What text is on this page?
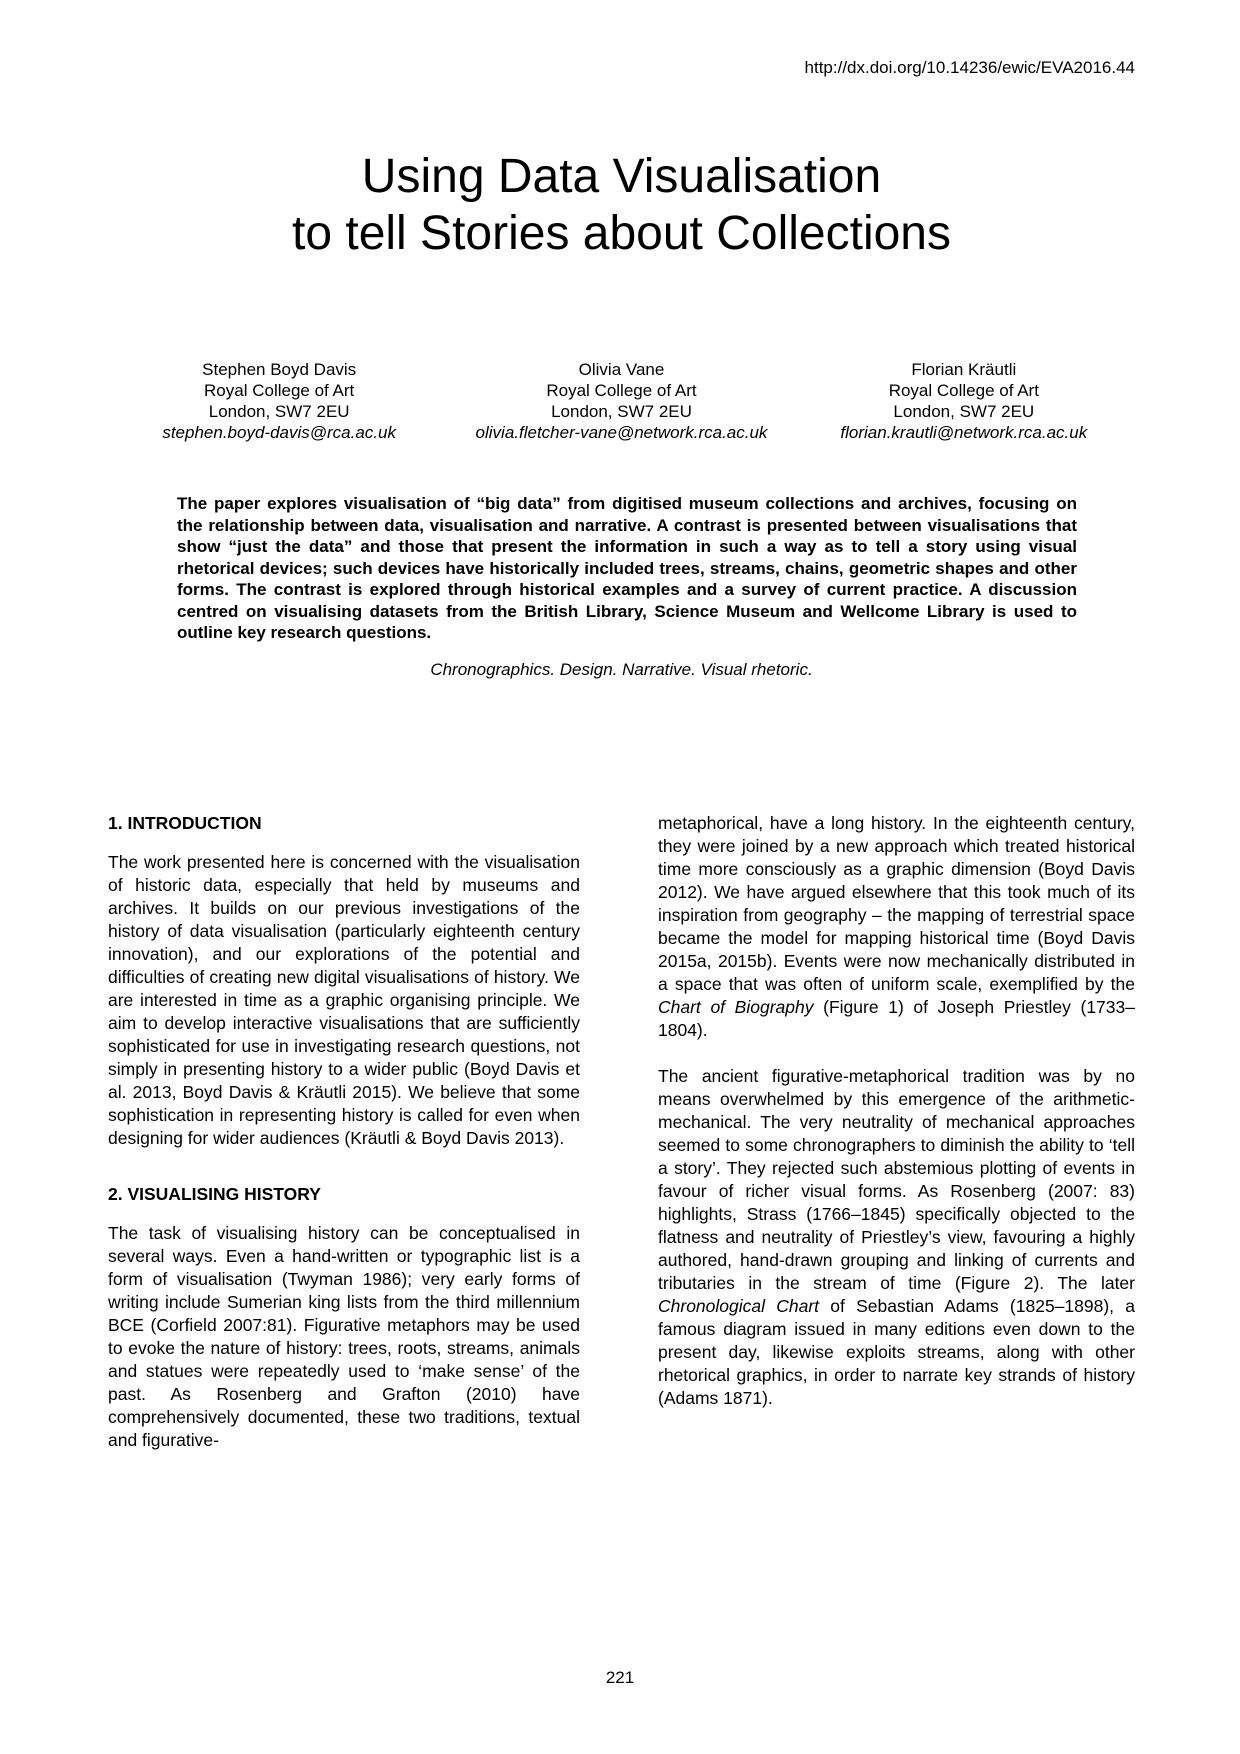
http://dx.doi.org/10.14236/ewic/EVA2016.44
Using Data Visualisation
to tell Stories about Collections
Stephen Boyd Davis
Royal College of Art
London, SW7 2EU
stephen.boyd-davis@rca.ac.uk
Olivia Vane
Royal College of Art
London, SW7 2EU
olivia.fletcher-vane@network.rca.ac.uk
Florian Kräutli
Royal College of Art
London, SW7 2EU
florian.krautli@network.rca.ac.uk

The paper explores visualisation of “big data” from digitised museum collections and archives, focusing on the relationship between data, visualisation and narrative. A contrast is presented between visualisations that show “just the data” and those that present the information in such a way as to tell a story using visual rhetorical devices; such devices have historically included trees, streams, chains, geometric shapes and other forms. The contrast is explored through historical examples and a survey of current practice. A discussion centred on visualising datasets from the British Library, Science Museum and Wellcome Library is used to outline key research questions.

Chronographics. Design. Narrative. Visual rhetoric.

1. INTRODUCTION

The work presented here is concerned with the visualisation of historic data, especially that held by museums and archives. It builds on our previous investigations of the history of data visualisation (particularly eighteenth century innovation), and our explorations of the potential and difficulties of creating new digital visualisations of history. We are interested in time as a graphic organising principle. We aim to develop interactive visualisations that are sufficiently sophisticated for use in investigating research questions, not simply in presenting history to a wider public (Boyd Davis et al. 2013, Boyd Davis & Kräutli 2015). We believe that some sophistication in representing history is called for even when designing for wider audiences (Kräutli & Boyd Davis 2013).

2. VISUALISING HISTORY

The task of visualising history can be conceptualised in several ways. Even a hand-written or typographic list is a form of visualisation (Twyman 1986); very early forms of writing include Sumerian king lists from the third millennium BCE (Corfield 2007:81). Figurative metaphors may be used to evoke the nature of history: trees, roots, streams, animals and statues were repeatedly used to ‘make sense’ of the past. As Rosenberg and Grafton (2010) have comprehensively documented, these two traditions, textual and figurative-

metaphorical, have a long history. In the eighteenth century, they were joined by a new approach which treated historical time more consciously as a graphic dimension (Boyd Davis 2012). We have argued elsewhere that this took much of its inspiration from geography – the mapping of terrestrial space became the model for mapping historical time (Boyd Davis 2015a, 2015b). Events were now mechanically distributed in a space that was often of uniform scale, exemplified by the Chart of Biography (Figure 1) of Joseph Priestley (1733–1804).

The ancient figurative-metaphorical tradition was by no means overwhelmed by this emergence of the arithmetic-mechanical. The very neutrality of mechanical approaches seemed to some chronographers to diminish the ability to ‘tell a story’. They rejected such abstemious plotting of events in favour of richer visual forms. As Rosenberg (2007: 83) highlights, Strass (1766–1845) specifically objected to the flatness and neutrality of Priestley’s view, favouring a highly authored, hand-drawn grouping and linking of currents and tributaries in the stream of time (Figure 2). The later Chronological Chart of Sebastian Adams (1825–1898), a famous diagram issued in many editions even down to the present day, likewise exploits streams, along with other rhetorical graphics, in order to narrate key strands of history (Adams 1871).

221
